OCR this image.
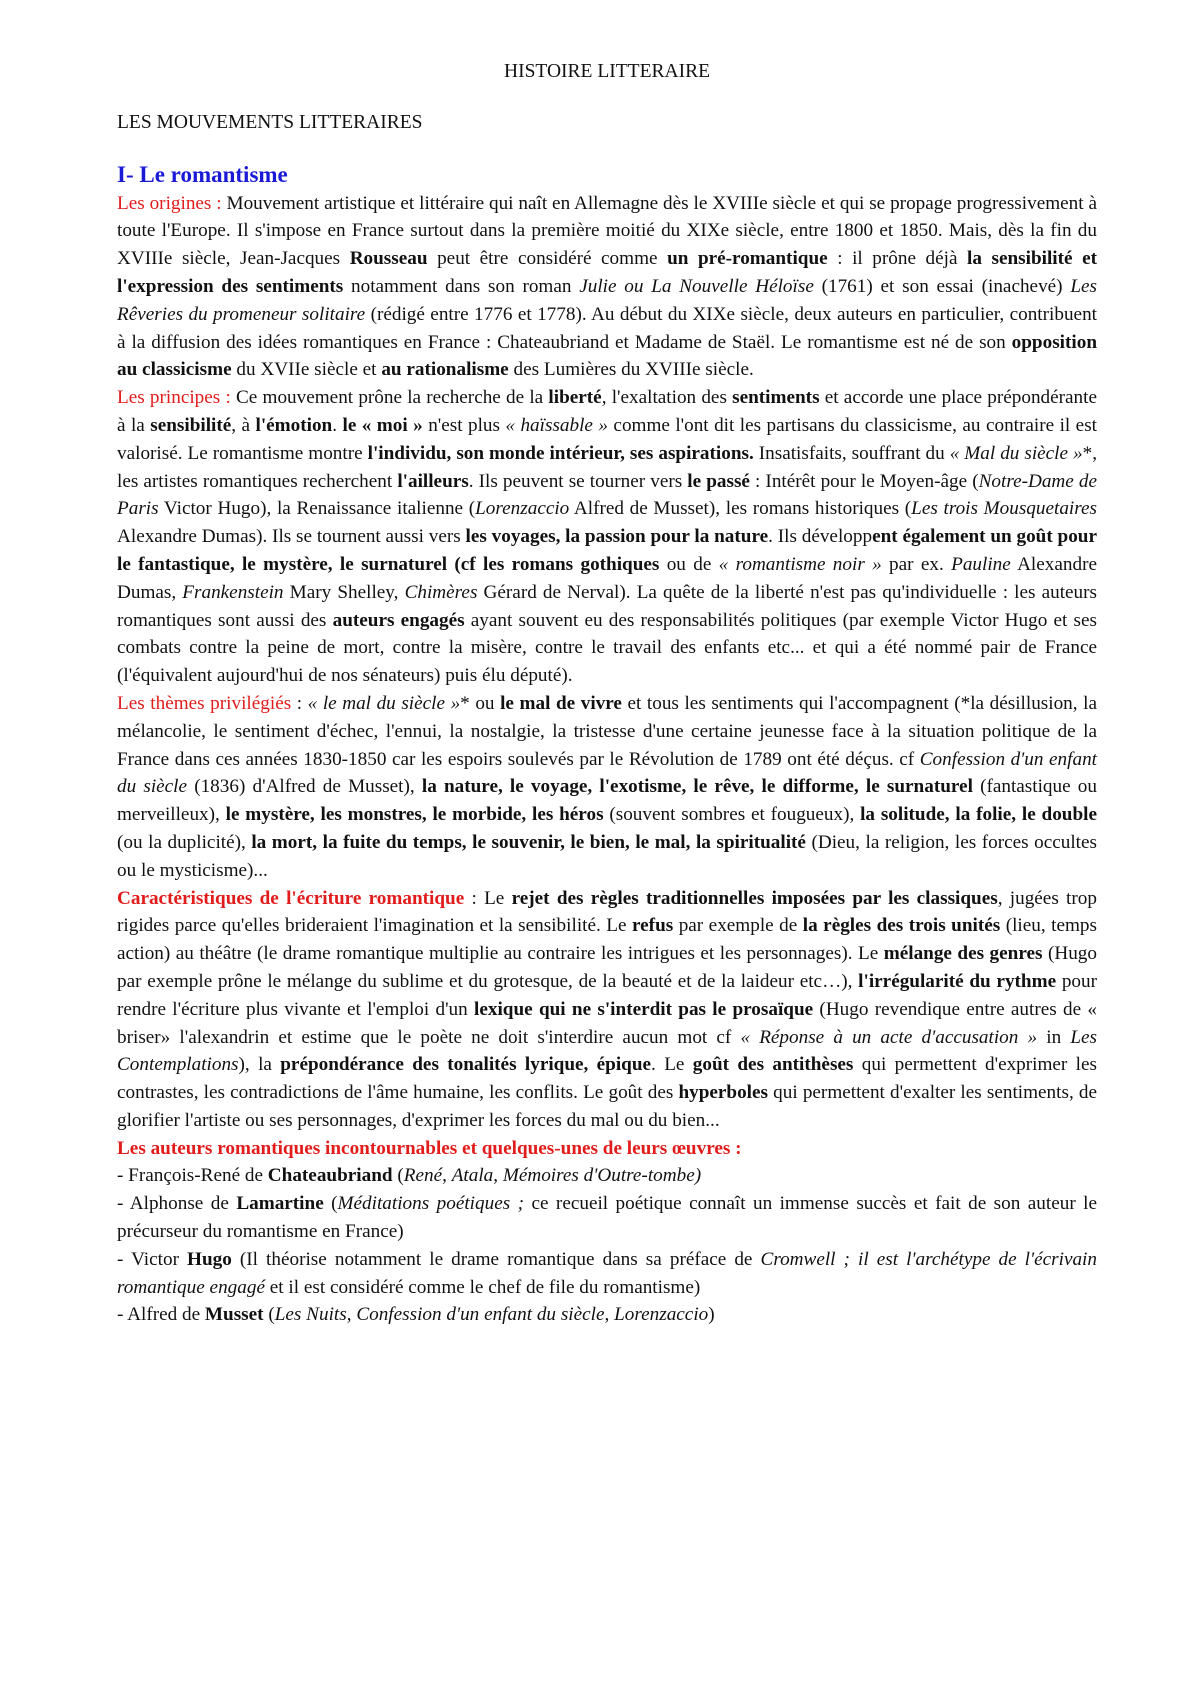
HISTOIRE LITTERAIRE
LES MOUVEMENTS LITTERAIRES
I- Le romantisme

Les origines : Mouvement artistique et littéraire qui naît en Allemagne dès le XVIIIe siècle et qui se propage progressivement à toute l'Europe. Il s'impose en France surtout dans la première moitié du XIXe siècle, entre 1800 et 1850. Mais, dès la fin du XVIIIe siècle, Jean-Jacques Rousseau peut être considéré comme un pré-romantique : il prône déjà la sensibilité et l'expression des sentiments notamment dans son roman Julie ou La Nouvelle Héloïse (1761) et son essai (inachevé) Les Rêveries du promeneur solitaire (rédigé entre 1776 et 1778). Au début du XIXe siècle, deux auteurs en particulier, contribuent à la diffusion des idées romantiques en France : Chateaubriand et Madame de Staël. Le romantisme est né de son opposition au classicisme du XVIIe siècle et au rationalisme des Lumières du XVIIIe siècle.

Les principes : Ce mouvement prône la recherche de la liberté, l'exaltation des sentiments et accorde une place prépondérante à la sensibilité, à l'émotion. le « moi » n'est plus « haïssable » comme l'ont dit les partisans du classicisme, au contraire il est valorisé. Le romantisme montre l'individu, son monde intérieur, ses aspirations. Insatisfaits, souffrant du « Mal du siècle »*, les artistes romantiques recherchent l'ailleurs. Ils peuvent se tourner vers le passé : Intérêt pour le Moyen-âge (Notre-Dame de Paris Victor Hugo), la Renaissance italienne (Lorenzaccio Alfred de Musset), les romans historiques (Les trois Mousquetaires Alexandre Dumas). Ils se tournent aussi vers les voyages, la passion pour la nature. Ils développent également un goût pour le fantastique, le mystère, le surnaturel (cf les romans gothiques ou de « romantisme noir » par ex. Pauline Alexandre Dumas, Frankenstein Mary Shelley, Chimères Gérard de Nerval). La quête de la liberté n'est pas qu'individuelle : les auteurs romantiques sont aussi des auteurs engagés ayant souvent eu des responsabilités politiques (par exemple Victor Hugo et ses combats contre la peine de mort, contre la misère, contre le travail des enfants etc... et qui a été nommé pair de France (l'équivalent aujourd'hui de nos sénateurs) puis élu député).

Les thèmes privilégiés : « le mal du siècle »* ou le mal de vivre et tous les sentiments qui l'accompagnent (*la désillusion, la mélancolie, le sentiment d'échec, l'ennui, la nostalgie, la tristesse d'une certaine jeunesse face à la situation politique de la France dans ces années 1830-1850 car les espoirs soulevés par le Révolution de 1789 ont été déçus. cf Confession d'un enfant du siècle (1836) d'Alfred de Musset), la nature, le voyage, l'exotisme, le rêve, le difforme, le surnaturel (fantastique ou merveilleux), le mystère, les monstres, le morbide, les héros (souvent sombres et fougueux), la solitude, la folie, le double (ou la duplicité), la mort, la fuite du temps, le souvenir, le bien, le mal, la spiritualité (Dieu, la religion, les forces occultes ou le mysticisme)...

Caractéristiques de l'écriture romantique : Le rejet des règles traditionnelles imposées par les classiques, jugées trop rigides parce qu'elles brideraient l'imagination et la sensibilité. Le refus par exemple de la règles des trois unités (lieu, temps action) au théâtre (le drame romantique multiplie au contraire les intrigues et les personnages). Le mélange des genres (Hugo par exemple prône le mélange du sublime et du grotesque, de la beauté et de la laideur etc…), l'irrégularité du rythme pour rendre l'écriture plus vivante et l'emploi d'un lexique qui ne s'interdit pas le prosaïque (Hugo revendique entre autres de « briser» l'alexandrin et estime que le poète ne doit s'interdire aucun mot cf « Réponse à un acte d'accusation » in Les Contemplations), la prépondérance des tonalités lyrique, épique. Le goût des antithèses qui permettent d'exprimer les contrastes, les contradictions de l'âme humaine, les conflits. Le goût des hyperboles qui permettent d'exalter les sentiments, de glorifier l'artiste ou ses personnages, d'exprimer les forces du mal ou du bien...

Les auteurs romantiques incontournables et quelques-unes de leurs œuvres :

- François-René de Chateaubriand (René, Atala, Mémoires d'Outre-tombe)

- Alphonse de Lamartine (Méditations poétiques ; ce recueil poétique connaît un immense succès et fait de son auteur le précurseur du romantisme en France)

- Victor Hugo (Il théorise notamment le drame romantique dans sa préface de Cromwell ; il est l'archétype de l'écrivain romantique engagé et il est considéré comme le chef de file du romantisme)

- Alfred de Musset (Les Nuits, Confession d'un enfant du siècle, Lorenzaccio)
